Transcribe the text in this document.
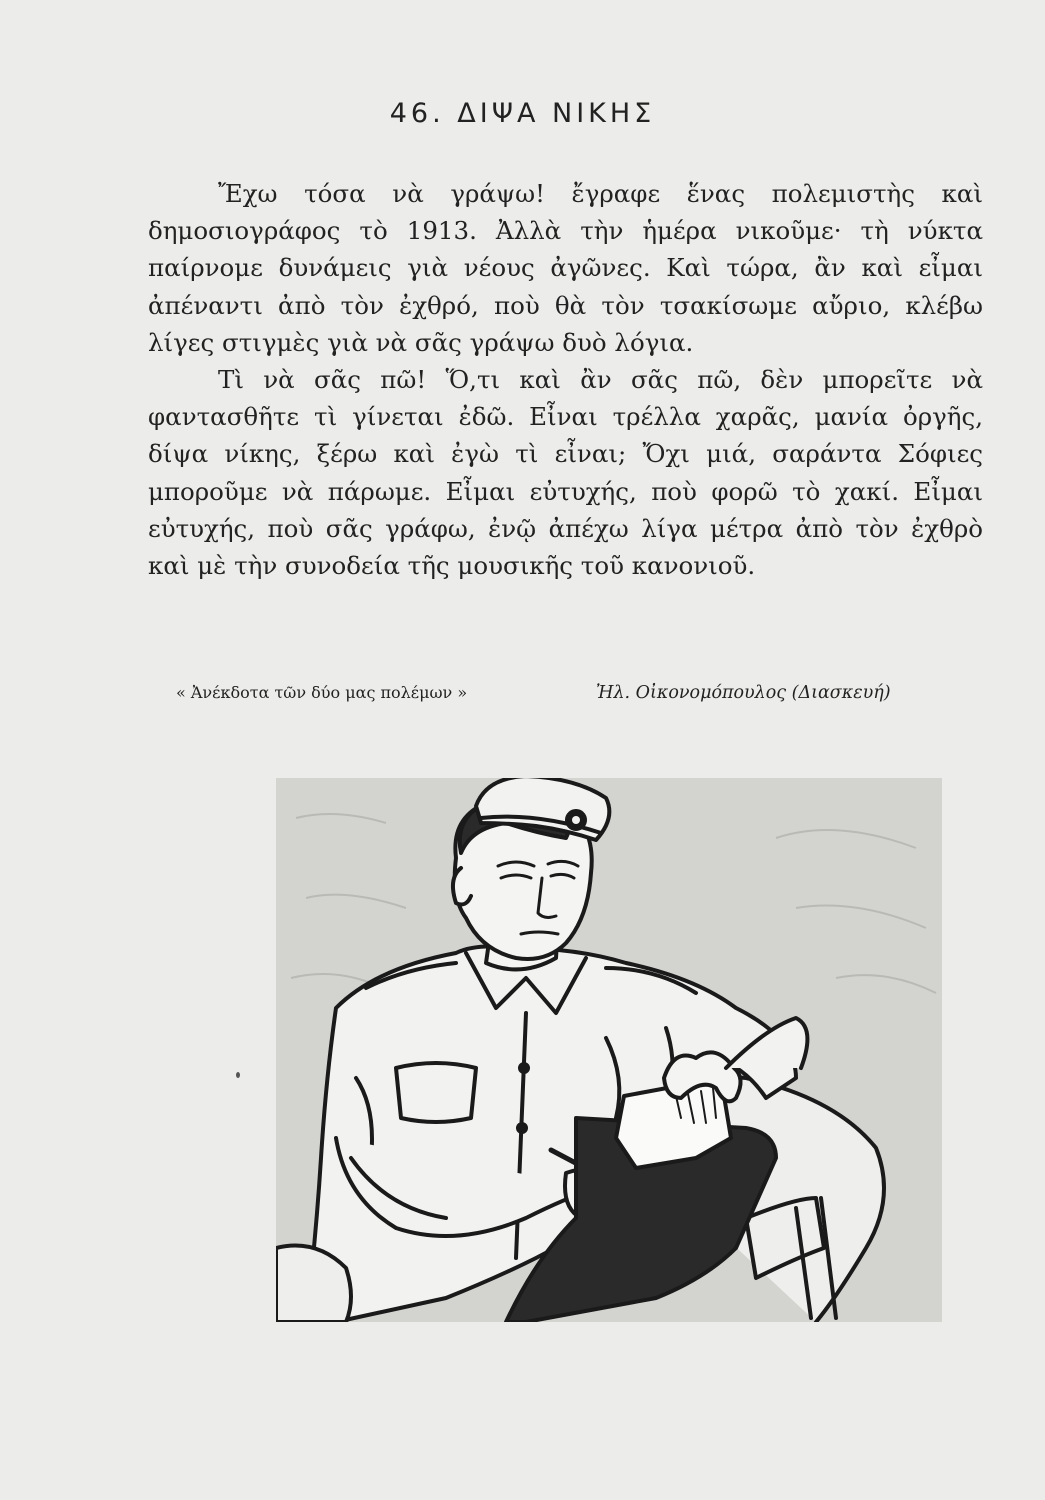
46. ΔΙΨΑ ΝΙΚΗΣ

Ἔχω τόσα νὰ γράψω! ἔγραφε ἕνας πολεμιστὴς καὶ δημοσιογράφος τὸ 1913. Ἀλλὰ τὴν ἡμέρα νικοῦμε· τὴ νύκτα παίρνομε δυνάμεις γιὰ νέους ἀγῶνες. Καὶ τώρα, ἂν καὶ εἶμαι ἀπέναντι ἀπὸ τὸν ἐχθρό, ποὺ θὰ τὸν τσακίσωμε αὔριο, κλέβω λίγες στιγμὲς γιὰ νὰ σᾶς γράψω δυὸ λόγια.

Τὶ νὰ σᾶς πῶ! Ὅ,τι καὶ ἂν σᾶς πῶ, δὲν μπορεῖτε νὰ φαντασθῆτε τὶ γίνεται ἐδῶ. Εἶναι τρέλλα χαρᾶς, μανία ὀργῆς, δίψα νίκης, ξέρω καὶ ἐγὼ τὶ εἶναι; Ὄχι μιά, σαράντα Σόφιες μποροῦμε νὰ πάρωμε. Εἶμαι εὐτυχής, ποὺ φορῶ τὸ χακί. Εἶμαι εὐτυχής, ποὺ σᾶς γράφω, ἐνῷ ἀπέχω λίγα μέτρα ἀπὸ τὸν ἐχθρὸ καὶ μὲ τὴν συνοδεία τῆς μουσικῆς τοῦ κανονιοῦ.

« Ἀνέκδοτα τῶν δύο μας πολέμων »	Ἠλ. Οἰκονομόπουλος (Διασκευή)
